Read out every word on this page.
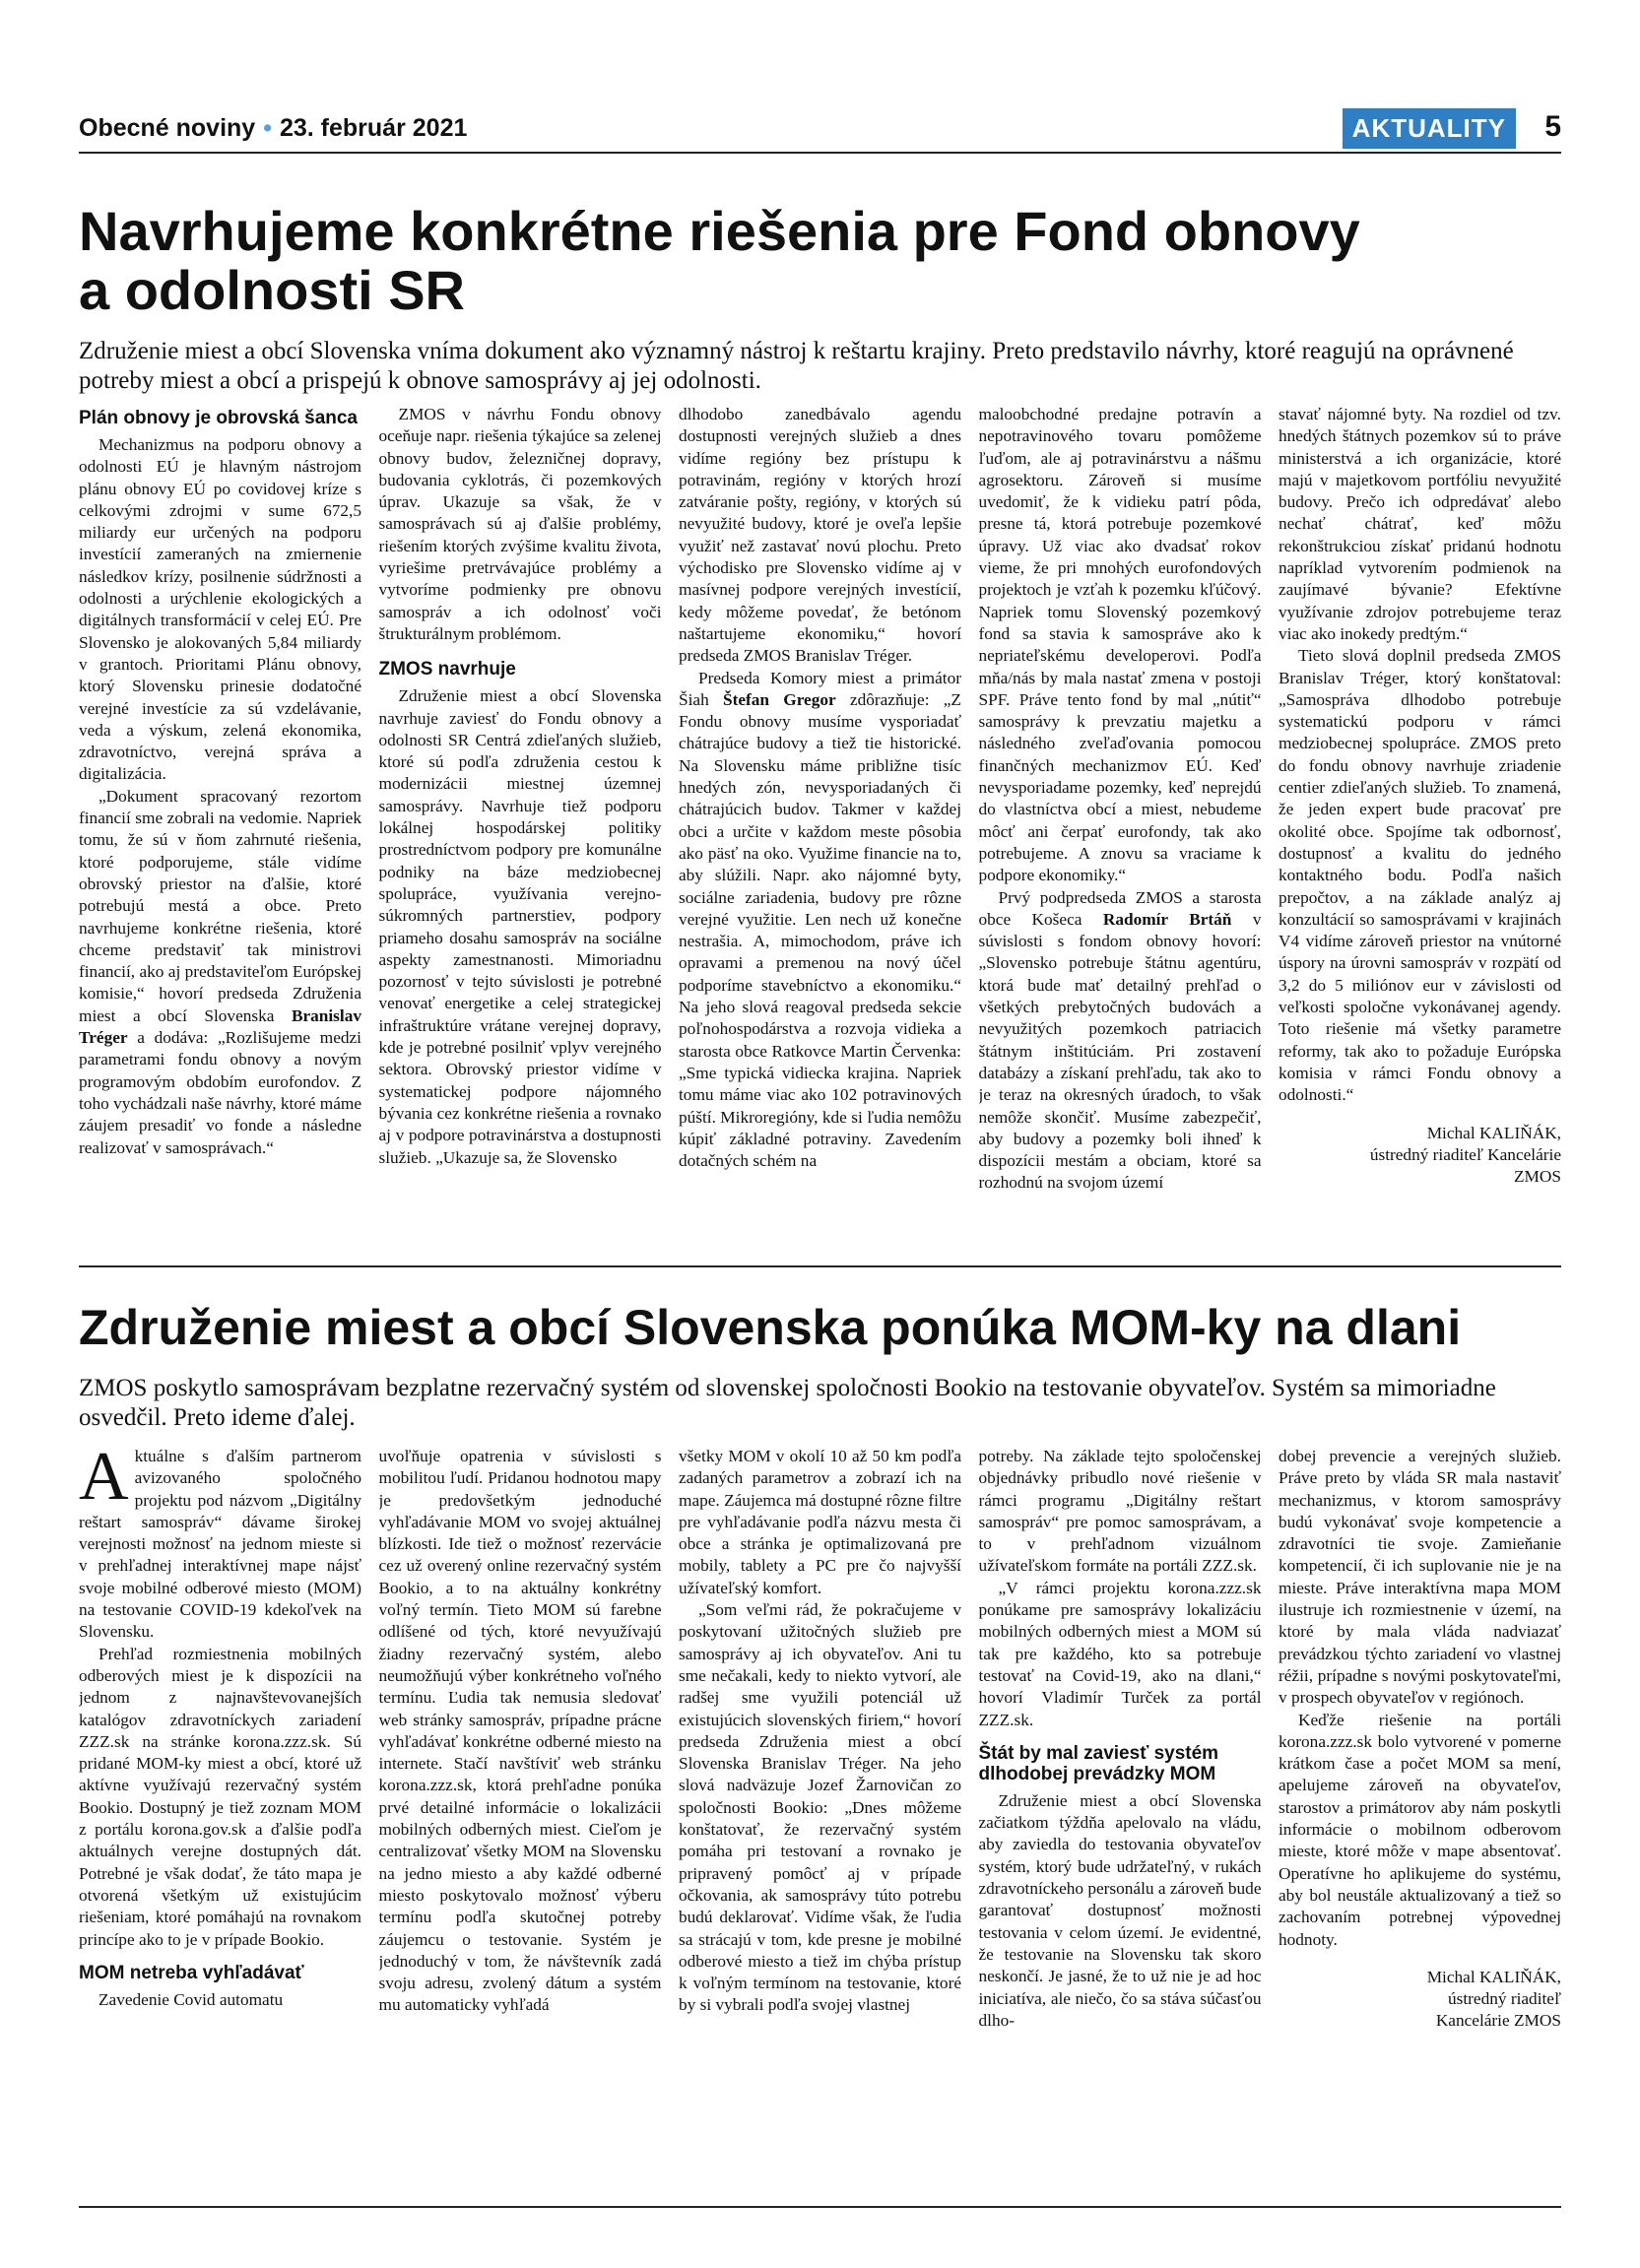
Obecné noviny • 23. február 2021	AKTUALITY	5
Navrhujeme konkrétne riešenia pre Fond obnovy
a odolnosti SR

Združenie miest a obcí Slovenska vníma dokument ako významný nástroj k reštartu krajiny. Preto predstavilo návrhy, ktoré reagujú na oprávnené potreby miest a obcí a prispejú k obnove samosprávy aj jej odolnosti.

Plán obnovy je obrovská šanca

Mechanizmus na podporu obnovy a odolnosti EÚ je hlavným nástrojom plánu obnovy EÚ po covidovej kríze s celkovými zdrojmi v sume 672,5 miliardy eur určených na podporu investícií zameraných na zmiernenie následkov krízy, posilnenie súdržnosti a odolnosti a urýchlenie ekologických a digitálnych transformácií v celej EÚ. Pre Slovensko je alokovaných 5,84 miliardy v grantoch. Prioritami Plánu obnovy, ktorý Slovensku prinesie dodatočné verejné investície za sú vzdelávanie, veda a výskum, zelená ekonomika, zdravotníctvo, verejná správa a digitalizácia.

„Dokument spracovaný rezortom financií sme zobrali na vedomie. Napriek tomu, že sú v ňom zahrnuté riešenia, ktoré podporujeme, stále vidíme obrovský priestor na ďalšie, ktoré potrebujú mestá a obce. Preto navrhujeme konkrétne riešenia, ktoré chceme predstaviť tak ministrovi financií, ako aj predstaviteľom Európskej komisie,“ hovorí predseda Združenia miest a obcí Slovenska Branislav Tréger a dodáva: „Rozlišujeme medzi parametrami fondu obnovy a novým programovým obdobím eurofondov. Z toho vychádzali naše návrhy, ktoré máme záujem presadiť vo fonde a následne realizovať v samosprávach.“

ZMOS v návrhu Fondu obnovy oceňuje napr. riešenia týkajúce sa zelenej obnovy budov, železničnej dopravy, budovania cyklotrás, či pozemkových úprav. Ukazuje sa však, že v samosprávach sú aj ďalšie problémy, riešením ktorých zvýšime kvalitu života, vyriešime pretrvávajúce problémy a vytvoríme podmienky pre obnovu samospráv a ich odolnosť voči štrukturálnym problémom.

ZMOS navrhuje

Združenie miest a obcí Slovenska navrhuje zaviesť do Fondu obnovy a odolnosti SR Centrá zdieľaných služieb, ktoré sú podľa združenia cestou k modernizácii miestnej územnej samosprávy. Navrhuje tiež podporu lokálnej hospodárskej politiky prostredníctvom podpory pre komunálne podniky na báze medziobecnej spolupráce, využívania verejno-súkromných partnerstiev, podpory priameho dosahu samospráv na sociálne aspekty zamestnanosti. Mimoriadnu pozornosť v tejto súvislosti je potrebné venovať energetike a celej strategickej infraštruktúre vrátane verejnej dopravy, kde je potrebné posilniť vplyv verejného sektora. Obrovský priestor vidíme v systematickej podpore nájomného bývania cez konkrétne riešenia a rovnako aj v podpore potravinárstva a dostupnosti služieb. „Ukazuje sa, že Slovensko

dlhodobo zanedbávalo agendu dostupnosti verejných služieb a dnes vidíme regióny bez prístupu k potravinám, regióny v ktorých hrozí zatváranie pošty, regióny, v ktorých sú nevyužité budovy, ktoré je oveľa lepšie využiť než zastavať novú plochu. Preto východisko pre Slovensko vidíme aj v masívnej podpore verejných investícií, kedy môžeme povedať, že betónom naštartujeme ekonomiku,“ hovorí predseda ZMOS Branislav Tréger.

Predseda Komory miest a primátor Šiah Štefan Gregor zdôrazňuje: „Z Fondu obnovy musíme vysporiadať chátrajúce budovy a tiež tie historické. Na Slovensku máme približne tisíc hnedých zón, nevysporiadaných či chátrajúcich budov. Takmer v každej obci a určite v každom meste pôsobia ako päsť na oko. Využime financie na to, aby slúžili. Napr. ako nájomné byty, sociálne zariadenia, budovy pre rôzne verejné využitie. Len nech už konečne nestrašia. A, mimochodom, práve ich opravami a premenou na nový účel podporíme stavebníctvo a ekonomiku.“ Na jeho slová reagoval predseda sekcie poľnohospodárstva a rozvoja vidieka a starosta obce Ratkovce Martin Červenka: „Sme typická vidiecka krajina. Napriek tomu máme viac ako 102 potravinových púští. Mikroregióny, kde si ľudia nemôžu kúpiť základné potraviny. Zavedením dotačných schém na

maloobchodné predajne potravín a nepotravinového tovaru pomôžeme ľuďom, ale aj potravinárstvu a nášmu agrosektoru. Zároveň si musíme uvedomiť, že k vidieku patrí pôda, presne tá, ktorá potrebuje pozemkové úpravy. Už viac ako dvadsať rokov vieme, že pri mnohých eurofondových projektoch je vzťah k pozemku kľúčový. Napriek tomu Slovenský pozemkový fond sa stavia k samospráve ako k nepriateľskému developerovi. Podľa mňa/nás by mala nastať zmena v postoji SPF. Práve tento fond by mal „nútiť“ samosprávy k prevzatiu majetku a následného zveľaďovania pomocou finančných mechanizmov EÚ. Keď nevysporiadame pozemky, keď neprejdú do vlastníctva obcí a miest, nebudeme môcť ani čerpať eurofondy, tak ako potrebujeme. A znovu sa vraciame k podpore ekonomiky.“

Prvý podpredseda ZMOS a starosta obce Košeca Radomír Brtáň v súvislosti s fondom obnovy hovorí: „Slovensko potrebuje štátnu agentúru, ktorá bude mať detailný prehľad o všetkých prebytočných budovách a nevyužitých pozemkoch patriacich štátnym inštitúciám. Pri zostavení databázy a získaní prehľadu, tak ako to je teraz na okresných úradoch, to však nemôže skončiť. Musíme zabezpečiť, aby budovy a pozemky boli ihneď k dispozícii mestám a obciam, ktoré sa rozhodnú na svojom území

stavať nájomné byty. Na rozdiel od tzv. hnedých štátnych pozemkov sú to práve ministerstvá a ich organizácie, ktoré majú v majetkovom portfóliu nevyužité budovy. Prečo ich odpredávať alebo nechať chátrať, keď môžu rekonštrukciou získať pridanú hodnotu napríklad vytvorením podmienok na zaujímavé bývanie? Efektívne využívanie zdrojov potrebujeme teraz viac ako inokedy predtým.“

Tieto slová doplnil predseda ZMOS Branislav Tréger, ktorý konštatoval: „Samospráva dlhodobo potrebuje systematickú podporu v rámci medziobecnej spolupráce. ZMOS preto do fondu obnovy navrhuje zriadenie centier zdieľaných služieb. To znamená, že jeden expert bude pracovať pre okolité obce. Spojíme tak odbornosť, dostupnosť a kvalitu do jedného kontaktného bodu. Podľa našich prepočtov, a na základe analýz aj konzultácií so samosprávami v krajinách V4 vidíme zároveň priestor na vnútorné úspory na úrovni samospráv v rozpätí od 3,2 do 5 miliónov eur v závislosti od veľkosti spoločne vykonávanej agendy. Toto riešenie má všetky parametre reformy, tak ako to požaduje Európska komisia v rámci Fondu obnovy a odolnosti.“

Michal KALIŇÁK,
ústredný riaditeľ Kancelárie
ZMOS

Združenie miest a obcí Slovenska ponúka MOM-ky na dlani

ZMOS poskytlo samosprávam bezplatne rezervačný systém od slovenskej spoločnosti Bookio na testovanie obyvateľov. Systém sa mimoriadne osvedčil. Preto ideme ďalej.

Aktuálne s ďalším partnerom avizovaného spoločného projektu pod názvom „Digitálny reštart samospráv“ dávame širokej verejnosti možnosť na jednom mieste si v prehľadnej interaktívnej mape nájsť svoje mobilné odberové miesto (MOM) na testovanie COVID-19 kdekoľvek na Slovensku.

Prehľad rozmiestnenia mobilných odberových miest je k dispozícii na jednom z najnavštevovanejších katalógov zdravotníckych zariadení ZZZ.sk na stránke korona.zzz.sk. Sú pridané MOM-ky miest a obcí, ktoré už aktívne využívajú rezervačný systém Bookio. Dostupný je tiež zoznam MOM z portálu korona.gov.sk a ďalšie podľa aktuálnych verejne dostupných dát. Potrebné je však dodať, že táto mapa je otvorená všetkým už existujúcim riešeniam, ktoré pomáhajú na rovnakom princípe ako to je v prípade Bookio.

MOM netreba vyhľadávať

Zavedenie Covid automatu

uvoľňuje opatrenia v súvislosti s mobilitou ľudí. Pridanou hodnotou mapy je predovšetkým jednoduché vyhľadávanie MOM vo svojej aktuálnej blízkosti. Ide tiež o možnosť rezervácie cez už overený online rezervačný systém Bookio, a to na aktuálny konkrétny voľný termín. Tieto MOM sú farebne odlíšené od tých, ktoré nevyužívajú žiadny rezervačný systém, alebo neumožňujú výber konkrétneho voľného termínu. Ľudia tak nemusia sledovať web stránky samospráv, prípadne prácne vyhľadávať konkrétne odberné miesto na internete. Stačí navštíviť web stránku korona.zzz.sk, ktorá prehľadne ponúka prvé detailné informácie o lokalizácii mobilných odberných miest. Cieľom je centralizovať všetky MOM na Slovensku na jedno miesto a aby každé odberné miesto poskytovalo možnosť výberu termínu podľa skutočnej potreby záujemcu o testovanie. Systém je jednoduchý v tom, že návštevník zadá svoju adresu, zvolený dátum a systém mu automaticky vyhľadá

všetky MOM v okolí 10 až 50 km podľa zadaných parametrov a zobrazí ich na mape. Záujemca má dostupné rôzne filtre pre vyhľadávanie podľa názvu mesta či obce a stránka je optimalizovaná pre mobily, tablety a PC pre čo najvyšší užívateľský komfort.

„Som veľmi rád, že pokračujeme v poskytovaní užitočných služieb pre samosprávy aj ich obyvateľov. Ani tu sme nečakali, kedy to niekto vytvorí, ale radšej sme využili potenciál už existujúcich slovenských firiem,“ hovorí predseda Združenia miest a obcí Slovenska Branislav Tréger. Na jeho slová nadväzuje Jozef Žarnovičan zo spoločnosti Bookio: „Dnes môžeme konštatovať, že rezervačný systém pomáha pri testovaní a rovnako je pripravený pomôcť aj v prípade očkovania, ak samosprávy túto potrebu budú deklarovať. Vidíme však, že ľudia sa strácajú v tom, kde presne je mobilné odberové miesto a tiež im chýba prístup k voľným termínom na testovanie, ktoré by si vybrali podľa svojej vlastnej

potreby. Na základe tejto spoločenskej objednávky pribudlo nové riešenie v rámci programu „Digitálny reštart samospráv“ pre pomoc samosprávam, a to v prehľadnom vizuálnom užívateľskom formáte na portáli ZZZ.sk.

„V rámci projektu korona.zzz.sk ponúkame pre samosprávy lokalizáciu mobilných odberných miest a MOM sú tak pre každého, kto sa potrebuje testovať na Covid-19, ako na dlani,“ hovorí Vladimír Turček za portál ZZZ.sk.

Štát by mal zaviesť systém dlhodobej prevádzky MOM

Združenie miest a obcí Slovenska začiatkom týždňa apelovalo na vládu, aby zaviedla do testovania obyvateľov systém, ktorý bude udržateľný, v rukách zdravotníckeho personálu a zároveň bude garantovať dostupnosť možnosti testovania v celom území. Je evidentné, že testovanie na Slovensku tak skoro neskončí. Je jasné, že to už nie je ad hoc iniciatíva, ale niečo, čo sa stáva súčasťou dlho-

dobej prevencie a verejných služieb. Práve preto by vláda SR mala nastaviť mechanizmus, v ktorom samosprávy budú vykonávať svoje kompetencie a zdravotníci tie svoje. Zamieňanie kompetencií, či ich suplovanie nie je na mieste. Práve interaktívna mapa MOM ilustruje ich rozmiestnenie v území, na ktoré by mala vláda nadviazať prevádzkou týchto zariadení vo vlastnej réžii, prípadne s novými poskytovateľmi, v prospech obyvateľov v regiónoch.

Keďže riešenie na portáli korona.zzz.sk bolo vytvorené v pomerne krátkom čase a počet MOM sa mení, apelujeme zároveň na obyvateľov, starostov a primátorov aby nám poskytli informácie o mobilnom odberovom mieste, ktoré môže v mape absentovať. Operatívne ho aplikujeme do systému, aby bol neustále aktualizovaný a tiež so zachovaním potrebnej výpovednej hodnoty.

Michal KALIŇÁK,
ústredný riaditeľ
Kancelárie ZMOS
